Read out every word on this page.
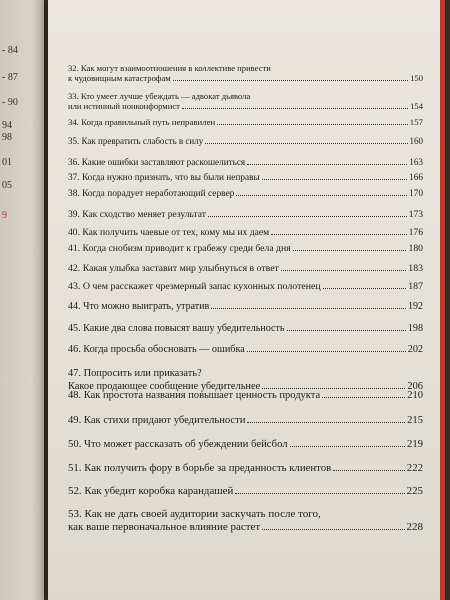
- 84
- 87
- 90
94
98
01
05
9
32. Как могут взаимоотношения в коллективе привести
к чудовищным катастрофам	150
33. Кто умеет лучше убеждать — адвокат дьявола
или истинный нонконформист	154
34. Когда правильный путь неправилен	157
35. Как превратить слабость в силу	160
36. Какие ошибки заставляют раскошелиться	163
37. Когда нужно признать, что вы были неправы	166
38. Когда порадует неработающий сервер	170
39. Как сходство меняет результат	173
40. Как получить чаевые от тех, кому мы их даем	176
41. Когда снобизм приводит к грабежу среди бела дня	180
42. Какая улыбка заставит мир улыбнуться в ответ	183
43. О чем расскажет чрезмерный запас кухонных полотенец	187
44. Что можно выиграть, утратив	192
45. Какие два слова повысят вашу убедительность	198
46. Когда просьба обосновать — ошибка	202
47. Попросить или приказать?
Какое продающее сообщение убедительнее	206
48. Как простота названия повышает ценность продукта	210
49. Как стихи придают убедительности	215
50. Что может рассказать об убеждении бейсбол	219
51. Как получить фору в борьбе за преданность клиентов	222
52. Как убедит коробка карандашей	225
53. Как не дать своей аудитории заскучать после того,
как ваше первоначальное влияние растет	228
